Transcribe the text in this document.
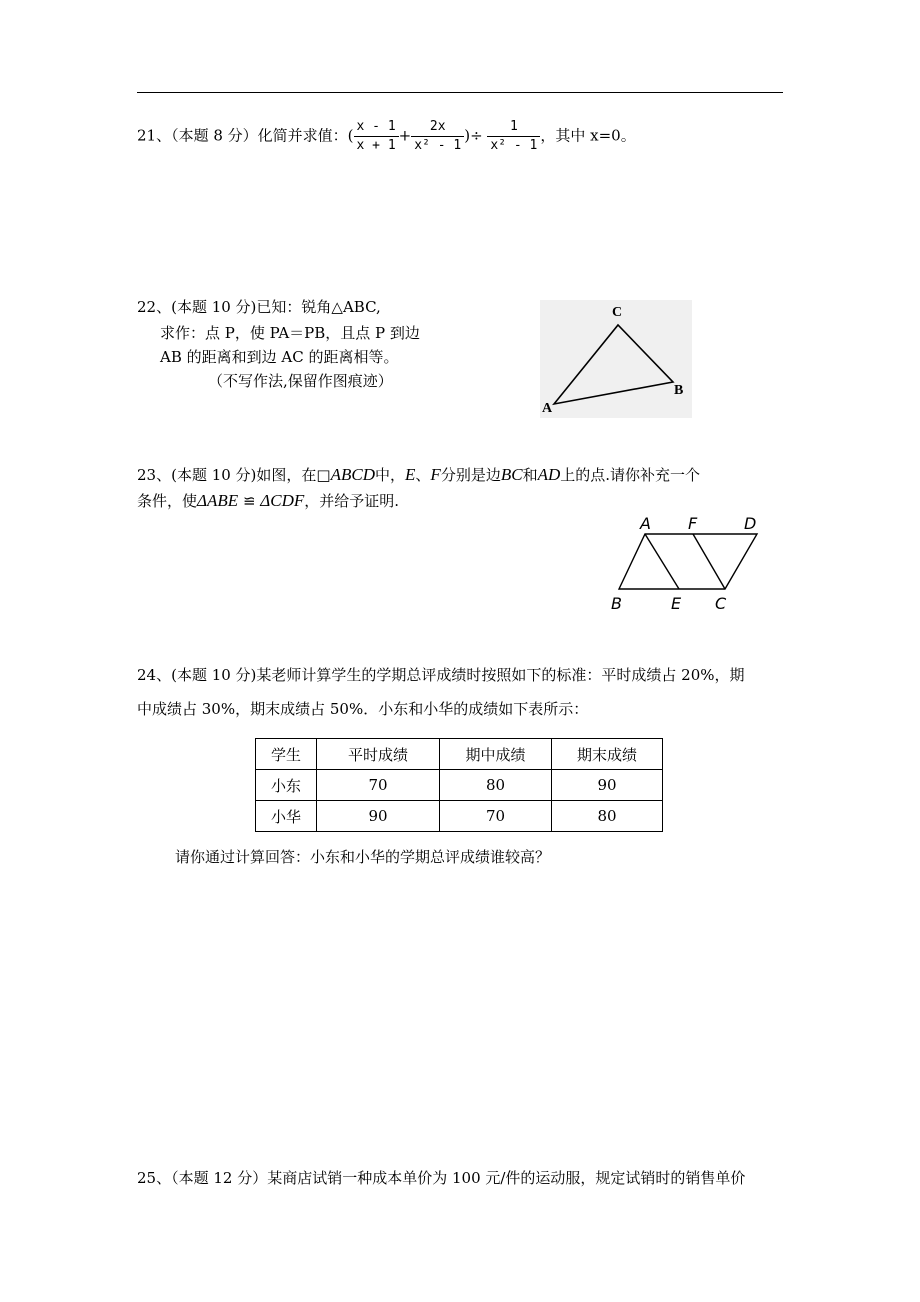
21、（本题 8 分）化简并求值：( $\frac{x - 1}{x + 1} + \frac{2x}{\text{x² - 1}}$ )÷ $\frac{1}{\text{x² - 1}}$ ，其中 x=0。
22、(本题 10 分)已知：锐角△ABC,
求作：点 P，使 PA＝PB，且点 P 到边
AB 的距离和到边 AC 的距离相等。
（不写作法,保留作图痕迹）
A
B
C
23、(本题 10 分)如图，在□ABCD中，E、F分别是边BC和AD上的点.请你补充一个
条件，使ΔABE ≌ ΔCDF，并给予证明.
A F	D
B	E C
24、(本题 10 分)某老师计算学生的学期总评成绩时按照如下的标准：平时成绩占 20%，期
中成绩占 30%，期末成绩占 50%．小东和小华的成绩如下表所示：
学生	平时成绩	期中成绩	期末成绩
小东	70	80	90
小华	90	70	80
请你通过计算回答：小东和小华的学期总评成绩谁较高？
25、（本题 12 分）某商店试销一种成本单价为 100 元/件的运动服，规定试销时的销售单价
